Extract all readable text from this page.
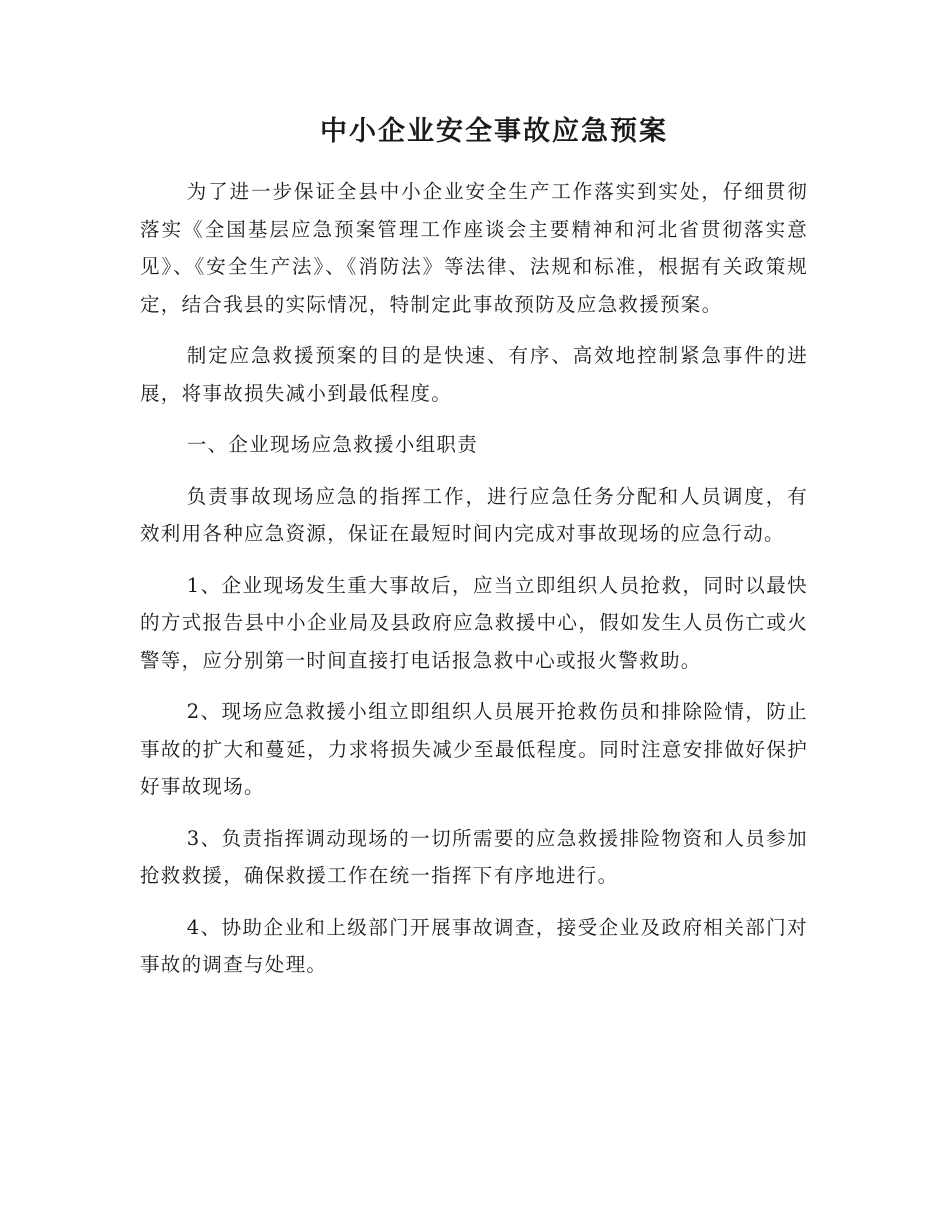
中小企业安全事故应急预案

为了进一步保证全县中小企业安全生产工作落实到实处，仔细贯彻落实《全国基层应急预案管理工作座谈会主要精神和河北省贯彻落实意见》、《安全生产法》、《消防法》等法律、法规和标准，根据有关政策规定，结合我县的实际情况，特制定此事故预防及应急救援预案。

制定应急救援预案的目的是快速、有序、高效地控制紧急事件的进展，将事故损失减小到最低程度。

一、企业现场应急救援小组职责

负责事故现场应急的指挥工作，进行应急任务分配和人员调度，有效利用各种应急资源，保证在最短时间内完成对事故现场的应急行动。

1、企业现场发生重大事故后，应当立即组织人员抢救，同时以最快的方式报告县中小企业局及县政府应急救援中心，假如发生人员伤亡或火警等，应分别第一时间直接打电话报急救中心或报火警救助。

2、现场应急救援小组立即组织人员展开抢救伤员和排除险情，防止事故的扩大和蔓延，力求将损失减少至最低程度。同时注意安排做好保护好事故现场。

3、负责指挥调动现场的一切所需要的应急救援排险物资和人员参加抢救救援，确保救援工作在统一指挥下有序地进行。

4、协助企业和上级部门开展事故调查，接受企业及政府相关部门对事故的调查与处理。
